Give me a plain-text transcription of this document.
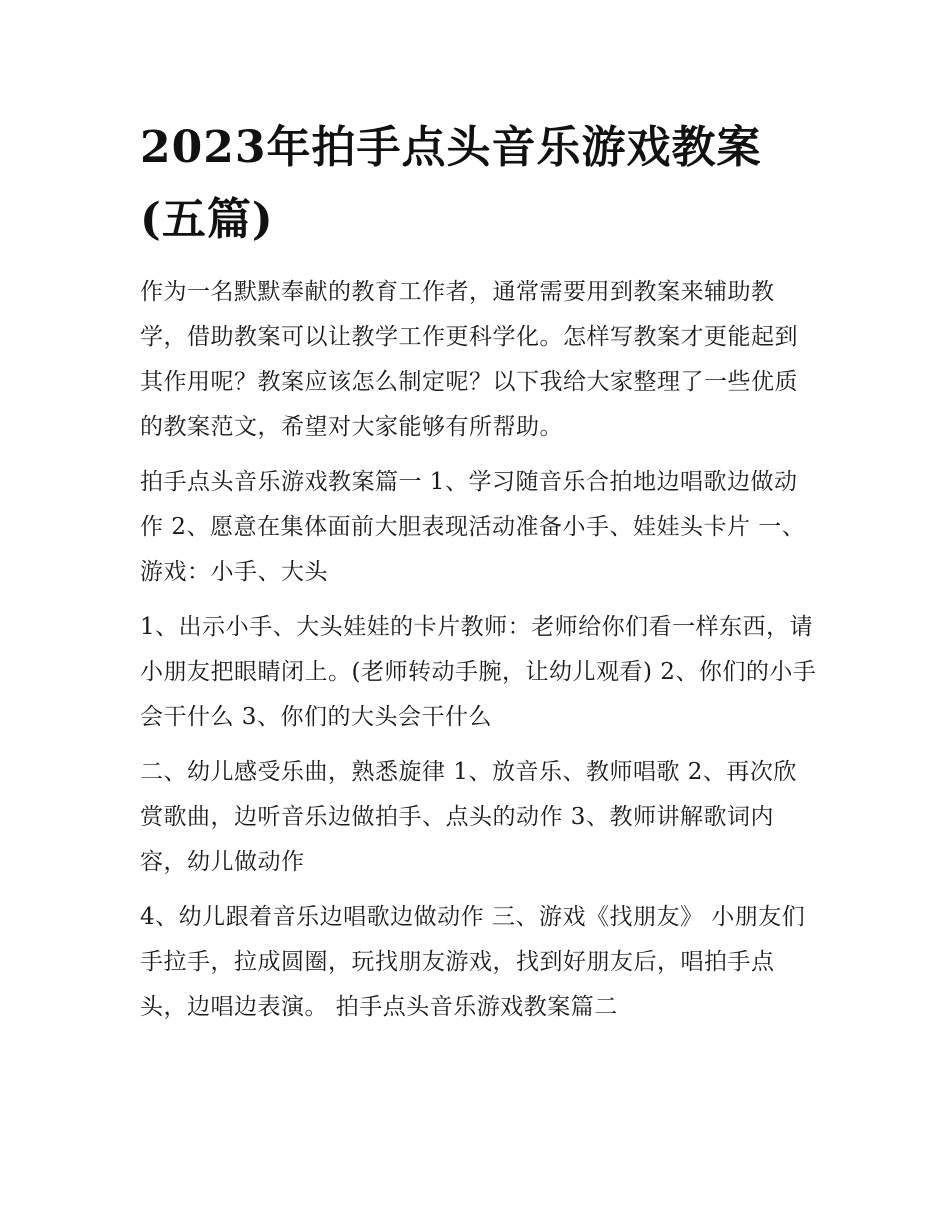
2023年拍手点头音乐游戏教案(五篇)

作为一名默默奉献的教育工作者，通常需要用到教案来辅助教学，借助教案可以让教学工作更科学化。怎样写教案才更能起到其作用呢？教案应该怎么制定呢？以下我给大家整理了一些优质的教案范文，希望对大家能够有所帮助。

拍手点头音乐游戏教案篇一 1、学习随音乐合拍地边唱歌边做动作 2、愿意在集体面前大胆表现活动准备小手、娃娃头卡片 一、游戏：小手、大头

1、出示小手、大头娃娃的卡片教师：老师给你们看一样东西，请小朋友把眼睛闭上。(老师转动手腕，让幼儿观看) 2、你们的小手会干什么 3、你们的大头会干什么

二、幼儿感受乐曲，熟悉旋律 1、放音乐、教师唱歌 2、再次欣赏歌曲，边听音乐边做拍手、点头的动作 3、教师讲解歌词内容，幼儿做动作

4、幼儿跟着音乐边唱歌边做动作 三、游戏《找朋友》 小朋友们手拉手，拉成圆圈，玩找朋友游戏，找到好朋友后，唱拍手点头，边唱边表演。 拍手点头音乐游戏教案篇二
